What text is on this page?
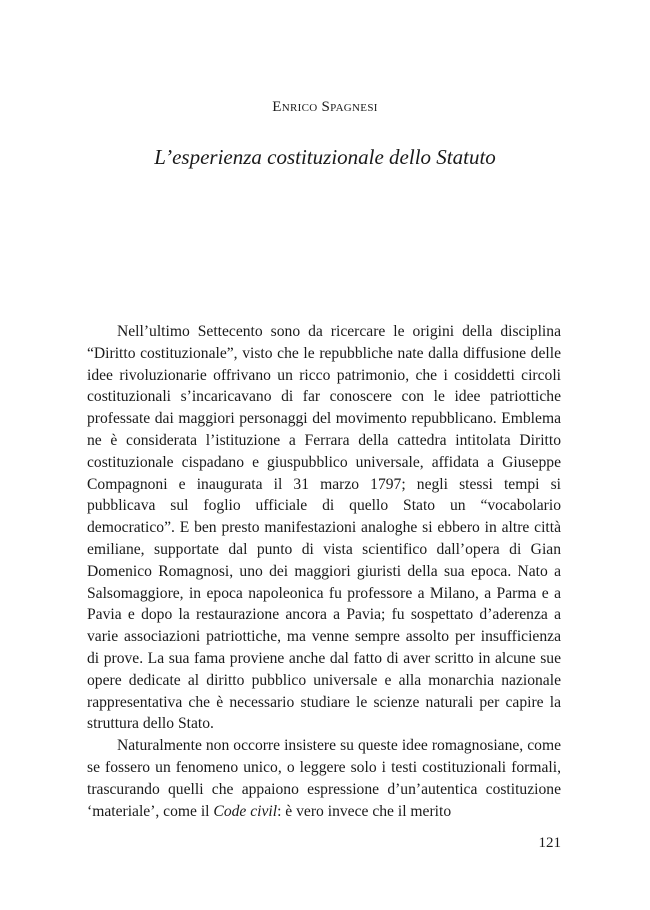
Enrico Spagnesi
L’esperienza costituzionale dello Statuto

Nell’ultimo Settecento sono da ricercare le origini della disciplina “Diritto costituzionale”, visto che le repubbliche nate dalla diffusione delle idee rivoluzionarie offrivano un ricco patrimonio, che i cosiddetti circoli costituzionali s’incaricavano di far conoscere con le idee patriottiche professate dai maggiori personaggi del movimento repubblicano. Emblema ne è considerata l’istituzione a Ferrara della cattedra intitolata Diritto costituzionale cispadano e giuspubblico universale, affidata a Giuseppe Compagnoni e inaugurata il 31 marzo 1797; negli stessi tempi si pubblicava sul foglio ufficiale di quello Stato un “vocabolario democratico”. E ben presto manifestazioni analoghe si ebbero in altre città emiliane, supportate dal punto di vista scientifico dall’opera di Gian Domenico Romagnosi, uno dei maggiori giuristi della sua epoca. Nato a Salsomaggiore, in epoca napoleonica fu professore a Milano, a Parma e a Pavia e dopo la restaurazione ancora a Pavia; fu sospettato d’aderenza a varie associazioni patriottiche, ma venne sempre assolto per insufficienza di prove. La sua fama proviene anche dal fatto di aver scritto in alcune sue opere dedicate al diritto pubblico universale e alla monarchia nazionale rappresentativa che è necessario studiare le scienze naturali per capire la struttura dello Stato.

Naturalmente non occorre insistere su queste idee romagnosiane, come se fossero un fenomeno unico, o leggere solo i testi costituzionali formali, trascurando quelli che appaiono espressione d’un’autentica costituzione ‘materiale’, come il Code civil: è vero invece che il merito

121
